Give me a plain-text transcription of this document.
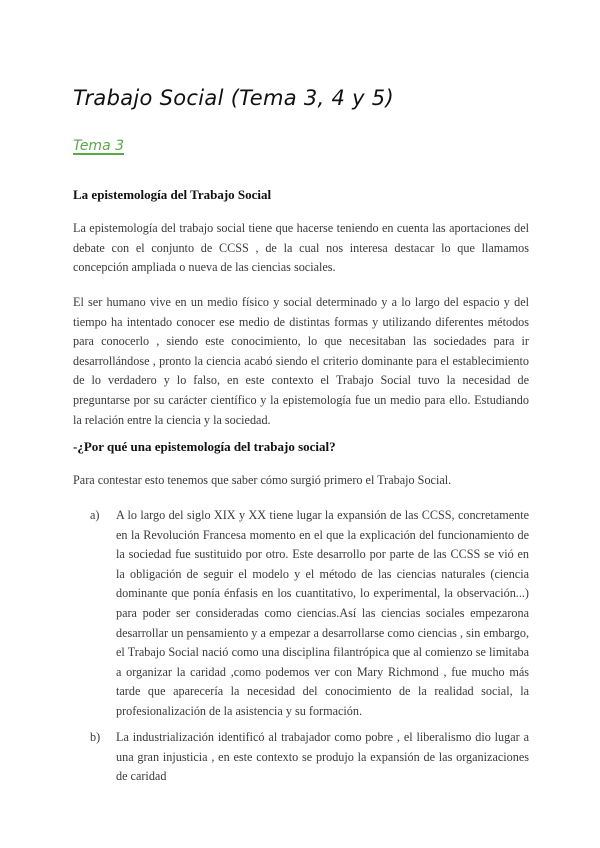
Trabajo Social (Tema 3, 4 y 5)
Tema 3
La epistemología del Trabajo Social
La epistemología del trabajo social tiene que hacerse teniendo en cuenta las aportaciones del debate con el conjunto de CCSS , de la cual nos interesa destacar lo que llamamos concepción ampliada o nueva de las ciencias sociales.
El ser humano vive en un medio físico y social determinado y a lo largo del espacio y del tiempo ha intentado conocer ese medio de distintas formas y utilizando diferentes métodos para conocerlo , siendo este conocimiento, lo que necesitaban las sociedades para ir desarrollándose , pronto la ciencia acabó siendo el criterio dominante para el establecimiento de lo verdadero y lo falso, en este contexto el Trabajo Social tuvo la necesidad de preguntarse por su carácter científico y la epistemología fue un medio para ello. Estudiando la relación entre la ciencia y la sociedad.
-¿Por qué una epistemología del trabajo social?
Para contestar esto tenemos que saber cómo surgió primero el Trabajo Social.
a) A lo largo del siglo XIX y XX tiene lugar la expansión de las CCSS, concretamente en la Revolución Francesa momento en el que la explicación del funcionamiento de la sociedad fue sustituido por otro. Este desarrollo por parte de las CCSS se vió en la obligación de seguir el modelo y el método de las ciencias naturales (ciencia dominante que ponía énfasis en los cuantitativo, lo experimental, la observación...) para poder ser consideradas como ciencias.Así las ciencias sociales empezarona desarrollar un pensamiento y a empezar a desarrollarse como ciencias , sin embargo, el Trabajo Social nació como una disciplina filantrópica que al comienzo se limitaba a organizar la caridad ,como podemos ver con Mary Richmond , fue mucho más tarde que aparecería la necesidad del conocimiento de la realidad social, la profesionalización de la asistencia y su formación.
b) La industrialización identificó al trabajador como pobre , el liberalismo dio lugar a una gran injusticia , en este contexto se produjo la expansión de las organizaciones de caridad
